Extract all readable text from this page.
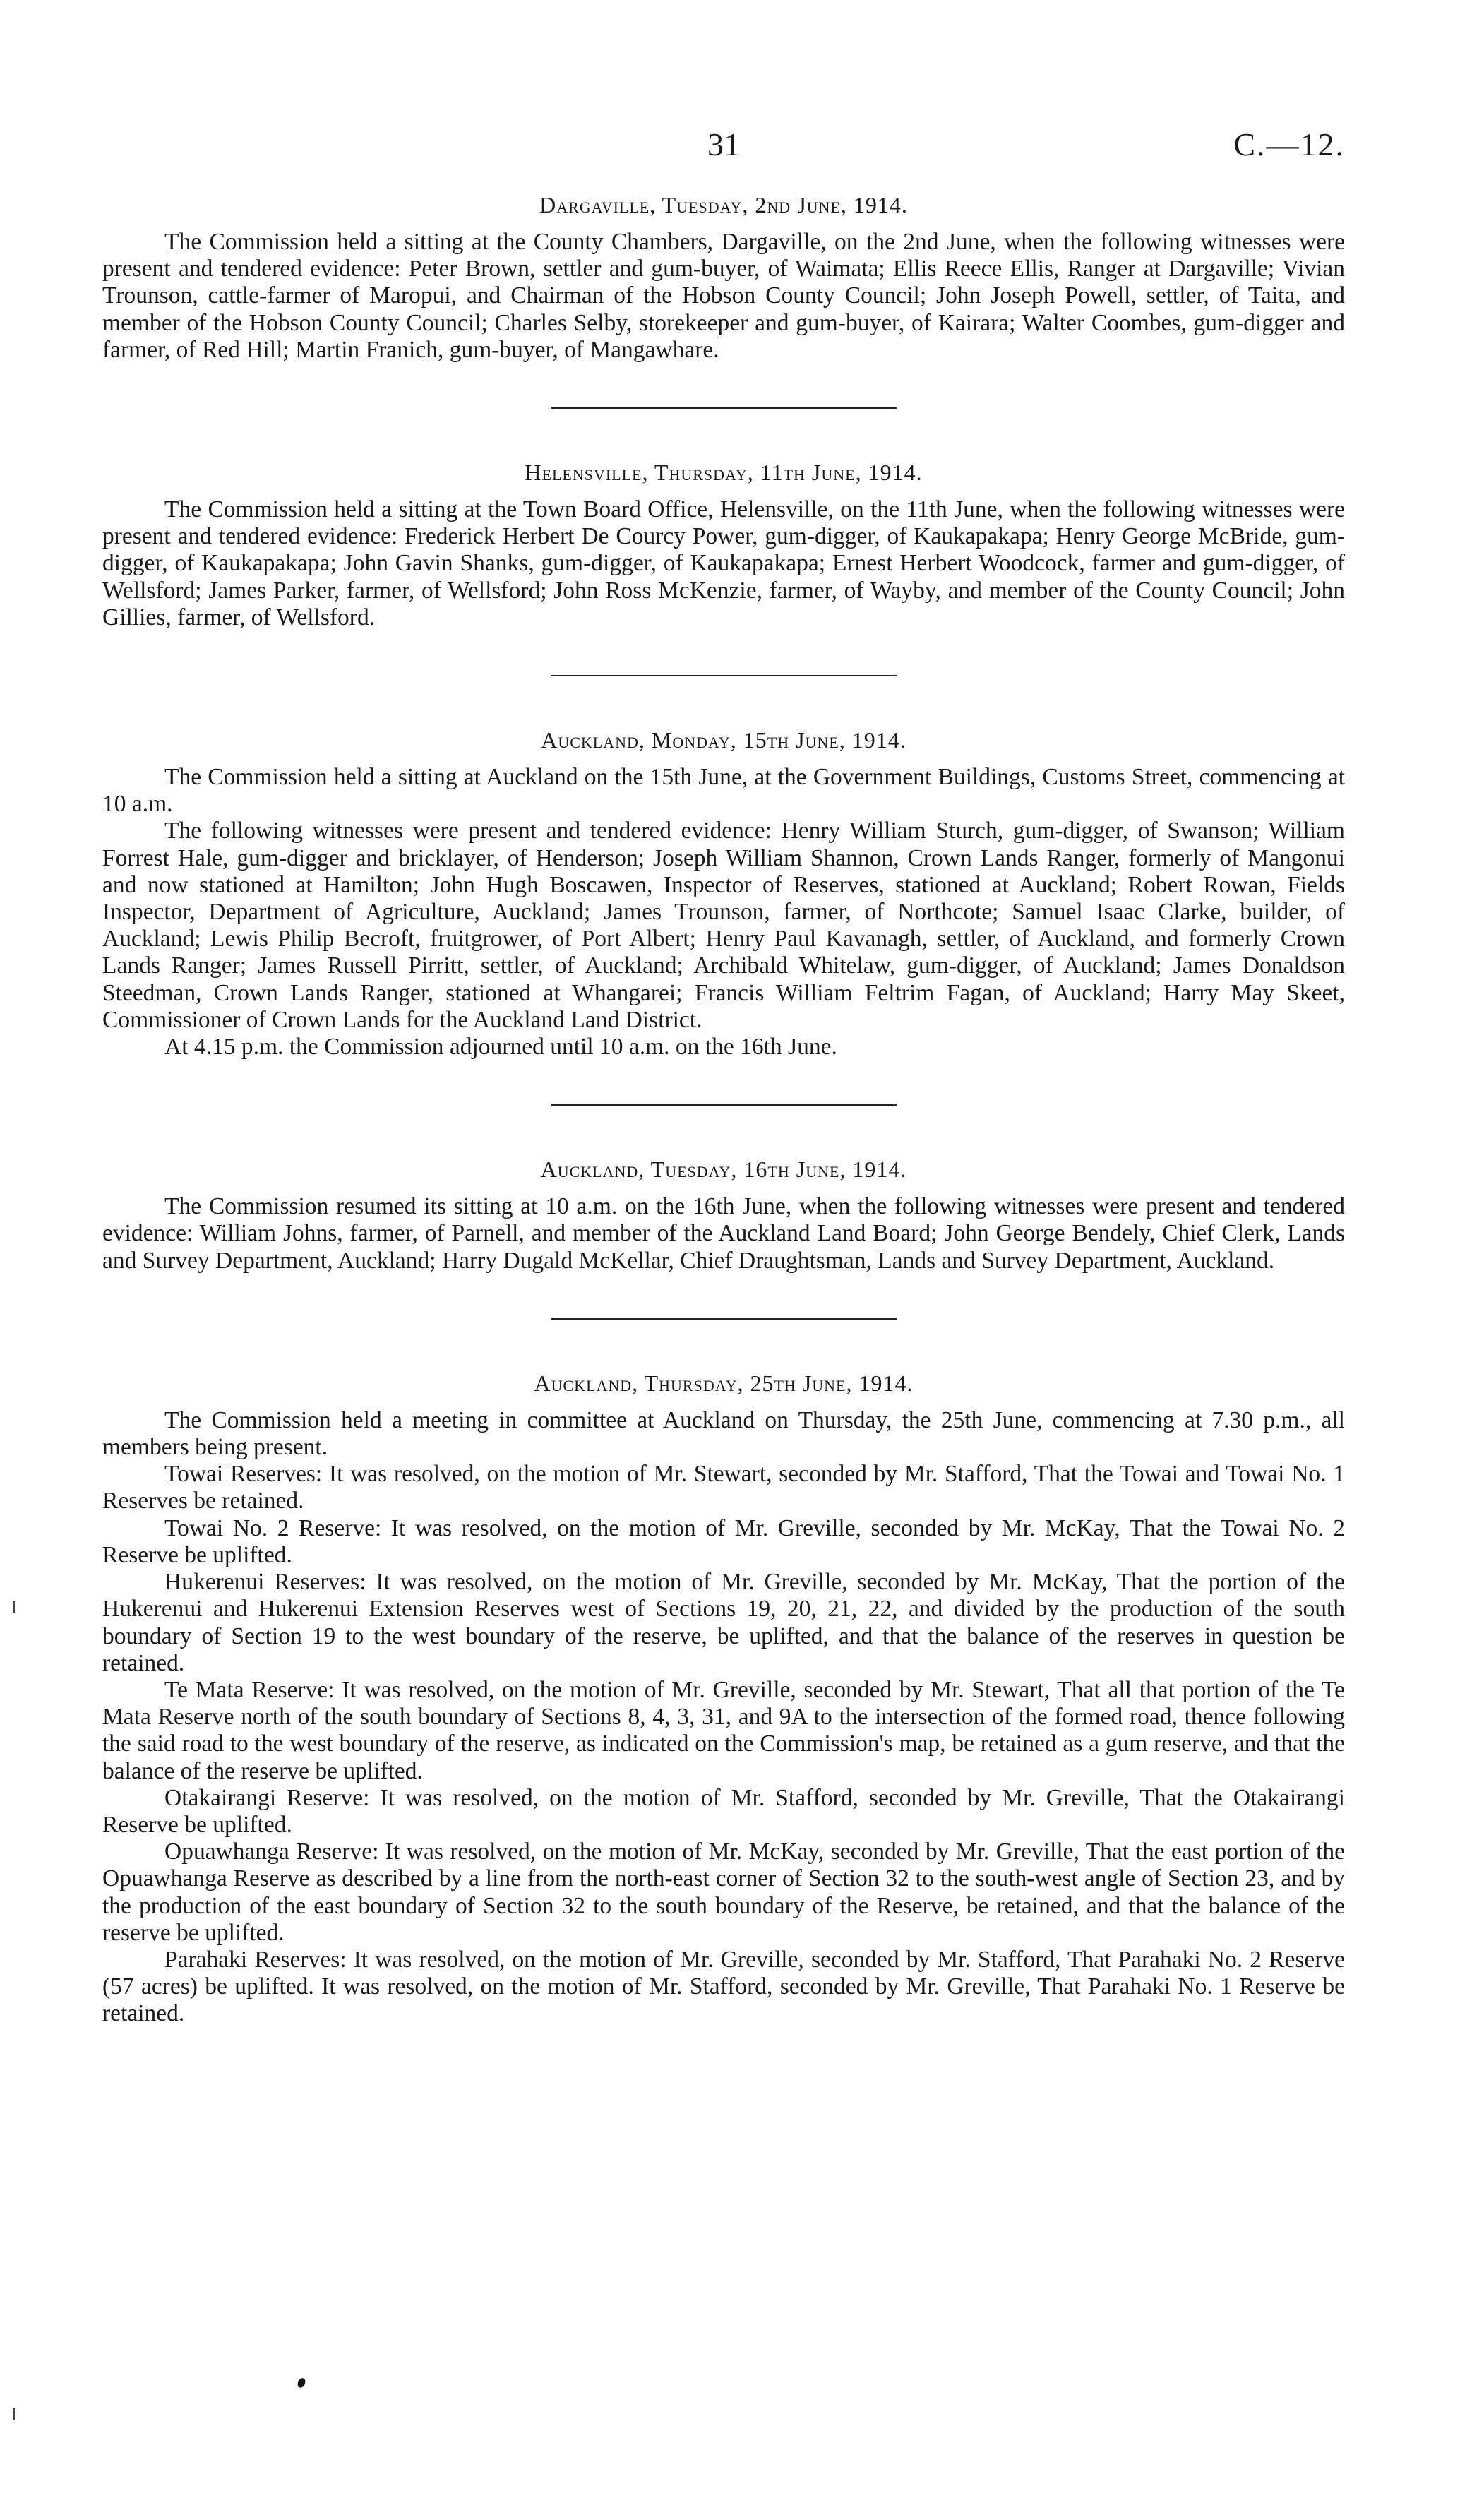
31	C.—12.
Dargaville, Tuesday, 2nd June, 1914.

The Commission held a sitting at the County Chambers, Dargaville, on the 2nd June, when the following witnesses were present and tendered evidence: Peter Brown, settler and gum-buyer, of Waimata; Ellis Reece Ellis, Ranger at Dargaville; Vivian Trounson, cattle-farmer of Maropui, and Chairman of the Hobson County Council; John Joseph Powell, settler, of Taita, and member of the Hobson County Council; Charles Selby, storekeeper and gum-buyer, of Kairara; Walter Coombes, gum-digger and farmer, of Red Hill; Martin Franich, gum-buyer, of Mangawhare.

Helensville, Thursday, 11th June, 1914.

The Commission held a sitting at the Town Board Office, Helensville, on the 11th June, when the following witnesses were present and tendered evidence: Frederick Herbert De Courcy Power, gum-digger, of Kaukapakapa; Henry George McBride, gum-digger, of Kaukapakapa; John Gavin Shanks, gum-digger, of Kaukapakapa; Ernest Herbert Woodcock, farmer and gum-digger, of Wellsford; James Parker, farmer, of Wellsford; John Ross McKenzie, farmer, of Wayby, and member of the County Council; John Gillies, farmer, of Wellsford.

Auckland, Monday, 15th June, 1914.

The Commission held a sitting at Auckland on the 15th June, at the Government Buildings, Customs Street, commencing at 10 a.m.

The following witnesses were present and tendered evidence: Henry William Sturch, gum-digger, of Swanson; William Forrest Hale, gum-digger and bricklayer, of Henderson; Joseph William Shannon, Crown Lands Ranger, formerly of Mangonui and now stationed at Hamilton; John Hugh Boscawen, Inspector of Reserves, stationed at Auckland; Robert Rowan, Fields Inspector, Department of Agriculture, Auckland; James Trounson, farmer, of Northcote; Samuel Isaac Clarke, builder, of Auckland; Lewis Philip Becroft, fruitgrower, of Port Albert; Henry Paul Kavanagh, settler, of Auckland, and formerly Crown Lands Ranger; James Russell Pirritt, settler, of Auckland; Archibald Whitelaw, gum-digger, of Auckland; James Donaldson Steedman, Crown Lands Ranger, stationed at Whangarei; Francis William Feltrim Fagan, of Auckland; Harry May Skeet, Commissioner of Crown Lands for the Auckland Land District.

At 4.15 p.m. the Commission adjourned until 10 a.m. on the 16th June.

Auckland, Tuesday, 16th June, 1914.

The Commission resumed its sitting at 10 a.m. on the 16th June, when the following witnesses were present and tendered evidence: William Johns, farmer, of Parnell, and member of the Auckland Land Board; John George Bendely, Chief Clerk, Lands and Survey Department, Auckland; Harry Dugald McKellar, Chief Draughtsman, Lands and Survey Department, Auckland.

Auckland, Thursday, 25th June, 1914.

The Commission held a meeting in committee at Auckland on Thursday, the 25th June, commencing at 7.30 p.m., all members being present.

Towai Reserves: It was resolved, on the motion of Mr. Stewart, seconded by Mr. Stafford, That the Towai and Towai No. 1 Reserves be retained.

Towai No. 2 Reserve: It was resolved, on the motion of Mr. Greville, seconded by Mr. McKay, That the Towai No. 2 Reserve be uplifted.

Hukerenui Reserves: It was resolved, on the motion of Mr. Greville, seconded by Mr. McKay, That the portion of the Hukerenui and Hukerenui Extension Reserves west of Sections 19, 20, 21, 22, and divided by the production of the south boundary of Section 19 to the west boundary of the reserve, be uplifted, and that the balance of the reserves in question be retained.

Te Mata Reserve: It was resolved, on the motion of Mr. Greville, seconded by Mr. Stewart, That all that portion of the Te Mata Reserve north of the south boundary of Sections 8, 4, 3, 31, and 9A to the intersection of the formed road, thence following the said road to the west boundary of the reserve, as indicated on the Commission's map, be retained as a gum reserve, and that the balance of the reserve be uplifted.

Otakairangi Reserve: It was resolved, on the motion of Mr. Stafford, seconded by Mr. Greville, That the Otakairangi Reserve be uplifted.

Opuawhanga Reserve: It was resolved, on the motion of Mr. McKay, seconded by Mr. Greville, That the east portion of the Opuawhanga Reserve as described by a line from the north-east corner of Section 32 to the south-west angle of Section 23, and by the production of the east boundary of Section 32 to the south boundary of the Reserve, be retained, and that the balance of the reserve be uplifted.

Parahaki Reserves: It was resolved, on the motion of Mr. Greville, seconded by Mr. Stafford, That Parahaki No. 2 Reserve (57 acres) be uplifted. It was resolved, on the motion of Mr. Stafford, seconded by Mr. Greville, That Parahaki No. 1 Reserve be retained.
